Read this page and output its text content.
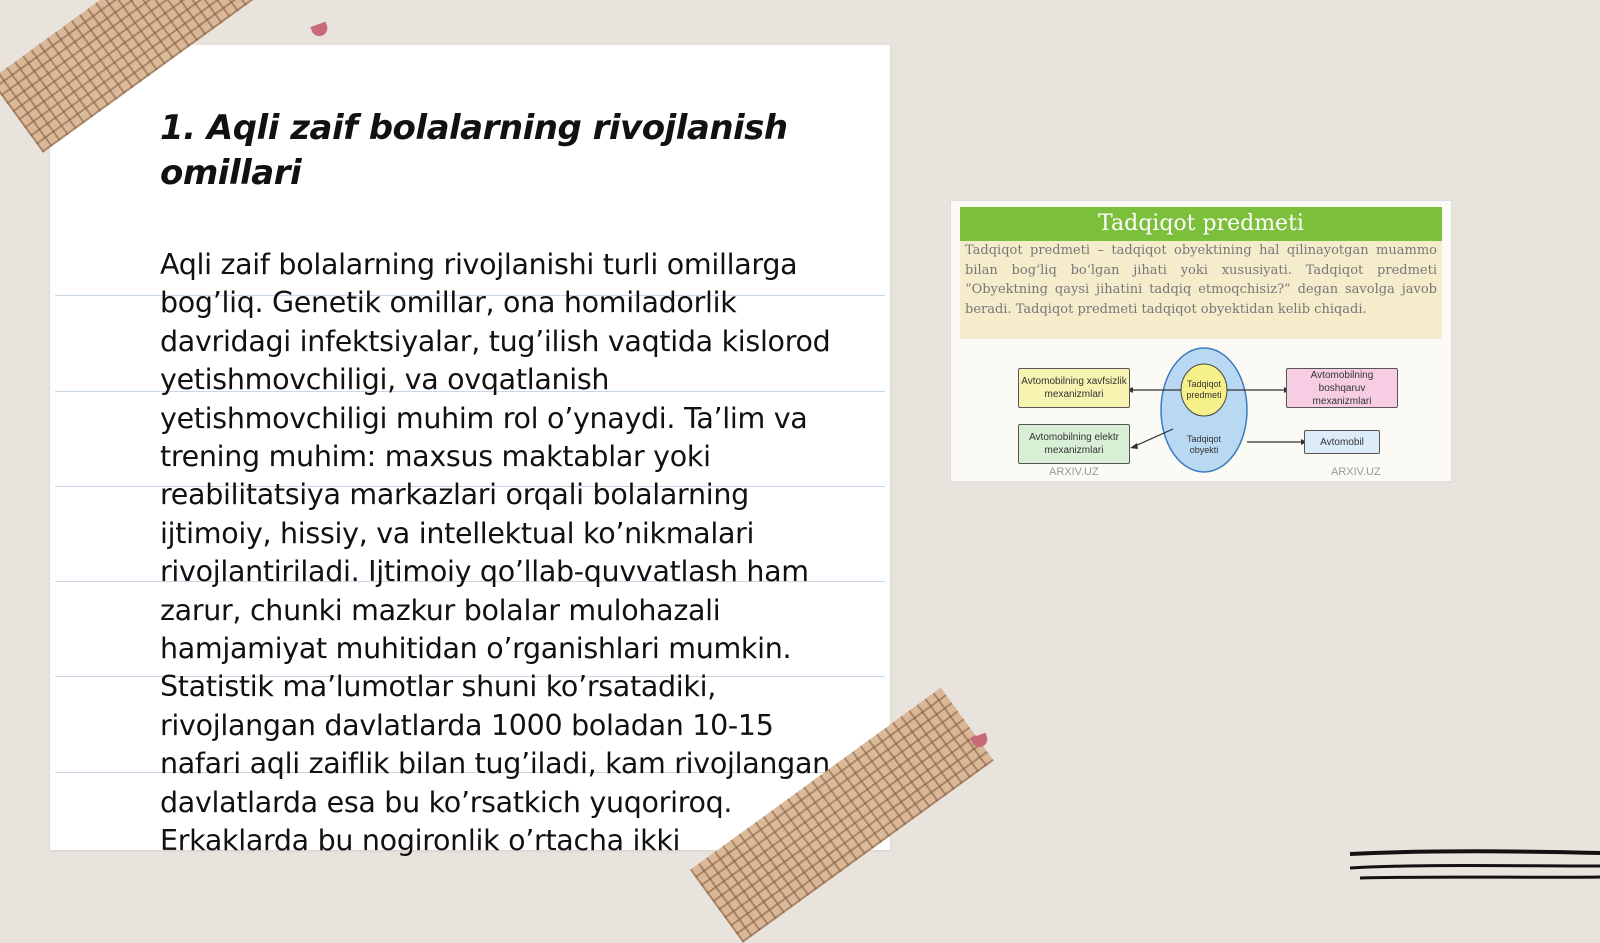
1. Aqli zaif bolalarning rivojlanish omillari

Aqli zaif bolalarning rivojlanishi turli omillarga bog’liq. Genetik omillar, ona homiladorlik davridagi infektsiyalar, tug’ilish vaqtida kislorod yetishmovchiligi, va ovqatlanish yetishmovchiligi muhim rol o’ynaydi. Ta’lim va trening muhim: maxsus maktablar yoki reabilitatsiya markazlari orqali bolalarning ijtimoiy, hissiy, va intellektual ko’nikmalari rivojlantiriladi. Ijtimoiy qo’llab-quvvatlash ham zarur, chunki mazkur bolalar mulohazali hamjamiyat muhitidan o’rganishlari mumkin. Statistik ma’lumotlar shuni ko’rsatadiki, rivojlangan davlatlarda 1000 boladan 10-15 nafari aqli zaiflik bilan tug’iladi, kam rivojlangan davlatlarda esa bu ko’rsatkich yuqoriroq. Erkaklarda bu nogironlik o’rtacha ikki

Tadqiqot predmeti
Tadqiqot predmeti – tadqiqot obyektining hal qilinayotgan muammo bilan bog‘liq bo‘lgan jihati yoki xususiyati. Tadqiqot predmeti “Obyektning qaysi jihatini tadqiq etmoqchisiz?” degan savolga javob beradi. Tadqiqot predmeti tadqiqot obyektidan kelib chiqadi.
Avtomobilning xavfsizlik mexanizmlari
Avtomobilning elektr mexanizmlari
Avtomobilning boshqaruv mexanizmlari
Avtomobil
Tadqiqot predmeti
Tadqiqot obyekti
ARXIV.UZ	ARXIV.UZ
